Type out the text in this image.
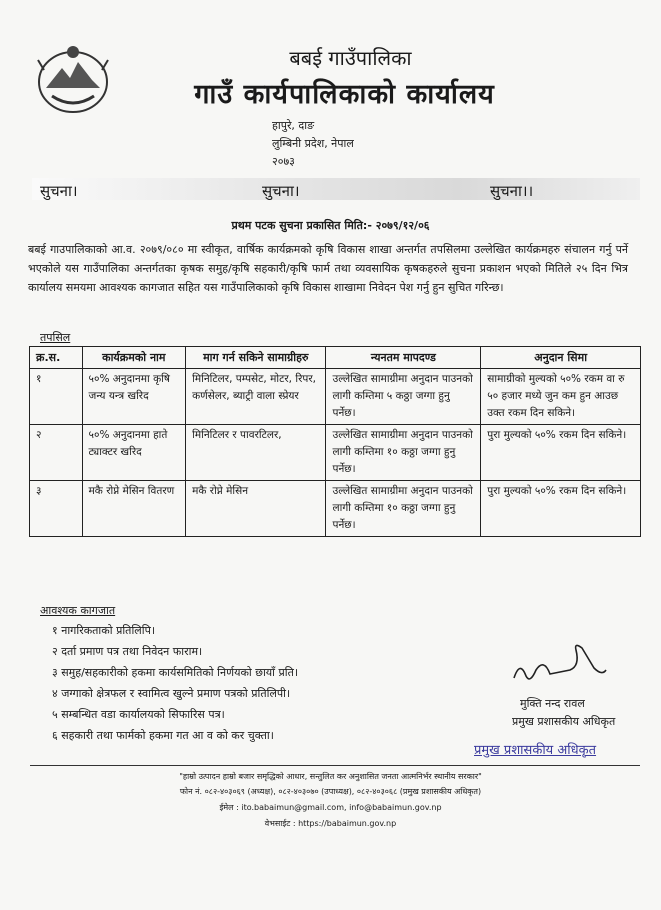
बबई गाउँपालिका
गाउँ कार्यपालिकाको कार्यालय
हापुरे, दाङ
लुम्बिनी प्रदेश, नेपाल
२०७३
सुचना।	सुचना।	सुचना।।
प्रथम पटक सुचना प्रकासित मिति:- २०७९/१२/०६
बबई गाउपालिकाको आ.व. २०७९/०८० मा स्वीकृत, वार्षिक कार्यक्रमको कृषि विकास शाखा अन्तर्गत तपसिलमा उल्लेखित कार्यक्रमहरु संचालन गर्नु पर्ने भएकोले यस गाउँपालिका अन्तर्गतका कृषक समुह/कृषि सहकारी/कृषि फार्म तथा व्यवसायिक कृषकहरुले सुचना प्रकाशन भएको मितिले २५ दिन भित्र कार्यालय समयमा आवश्यक कागजात सहित यस गाउँपालिकाको कृषि विकास शाखामा निवेदन पेश गर्नु हुन सुचित गरिन्छ।
तपसिल
क्र.स.	कार्यक्रमको नाम	माग गर्न सकिने सामाग्रीहरु	न्यनतम मापदण्ड	अनुदान सिमा
१	५०% अनुदानमा कृषि जन्य यन्त्र खरिद	मिनिटिलर, पम्पसेट, मोटर, रिपर, कर्णसेलर, ब्याट्री वाला स्प्रेयर	उल्लेखित सामाग्रीमा अनुदान पाउनको लागी कम्तिमा ५ कठ्ठा जग्गा हुनु पर्नेछ।	सामाग्रीको मुल्यको ५०% रकम वा रु ५० हजार मध्ये जुन कम हुन आउछ उक्त रकम दिन सकिने।
२	५०% अनुदानमा हाते ट्याक्टर खरिद	मिनिटिलर र पावरटिलर,	उल्लेखित सामाग्रीमा अनुदान पाउनको लागी कम्तिमा १० कठ्ठा जग्गा हुनु पर्नेछ।	पुरा मुल्यको ५०% रकम दिन सकिने।
३	मकै रोप्ने मेसिन वितरण	मकै रोप्ने मेसिन	उल्लेखित सामाग्रीमा अनुदान पाउनको लागी कम्तिमा १० कठ्ठा जग्गा हुनु पर्नेछ।	पुरा मुल्यको ५०% रकम दिन सकिने।
आवश्यक कागजात
१ नागरिकताको प्रतिलिपि।
२ दर्ता प्रमाण पत्र तथा निवेदन फाराम।
३ समुह/सहकारीको हकमा कार्यसमितिको निर्णयको छायाँ प्रति।
४ जग्गाको क्षेत्रफल र स्वामित्व खुल्ने प्रमाण पत्रको प्रतिलिपी।
५ सम्बन्धित वडा कार्यालयको सिफारिस पत्र।
६ सहकारी तथा फार्मको हकमा गत आ व को कर चुक्ता।
मुक्ति नन्द रावल
प्रमुख प्रशासकीय अधिकृत
प्रमुख प्रशासकीय अधिकृत
"हाम्रो उत्पादन हाम्रो बजार समृद्धिको आधार, सन्तुलित कर अनुशासित जनता आत्मनिर्भर स्थानीय सरकार"
फोन नं. ०८२-४०३०६९ (अध्यक्ष), ०८२-४०३०७० (उपाध्यक्ष), ०८२-४०३०६८ (प्रमुख प्रशासकीय अधिकृत)
ईमेल : ito.babaimun@gmail.com, info@babaimun.gov.np
वेभसाईट : https://babaimun.gov.np
